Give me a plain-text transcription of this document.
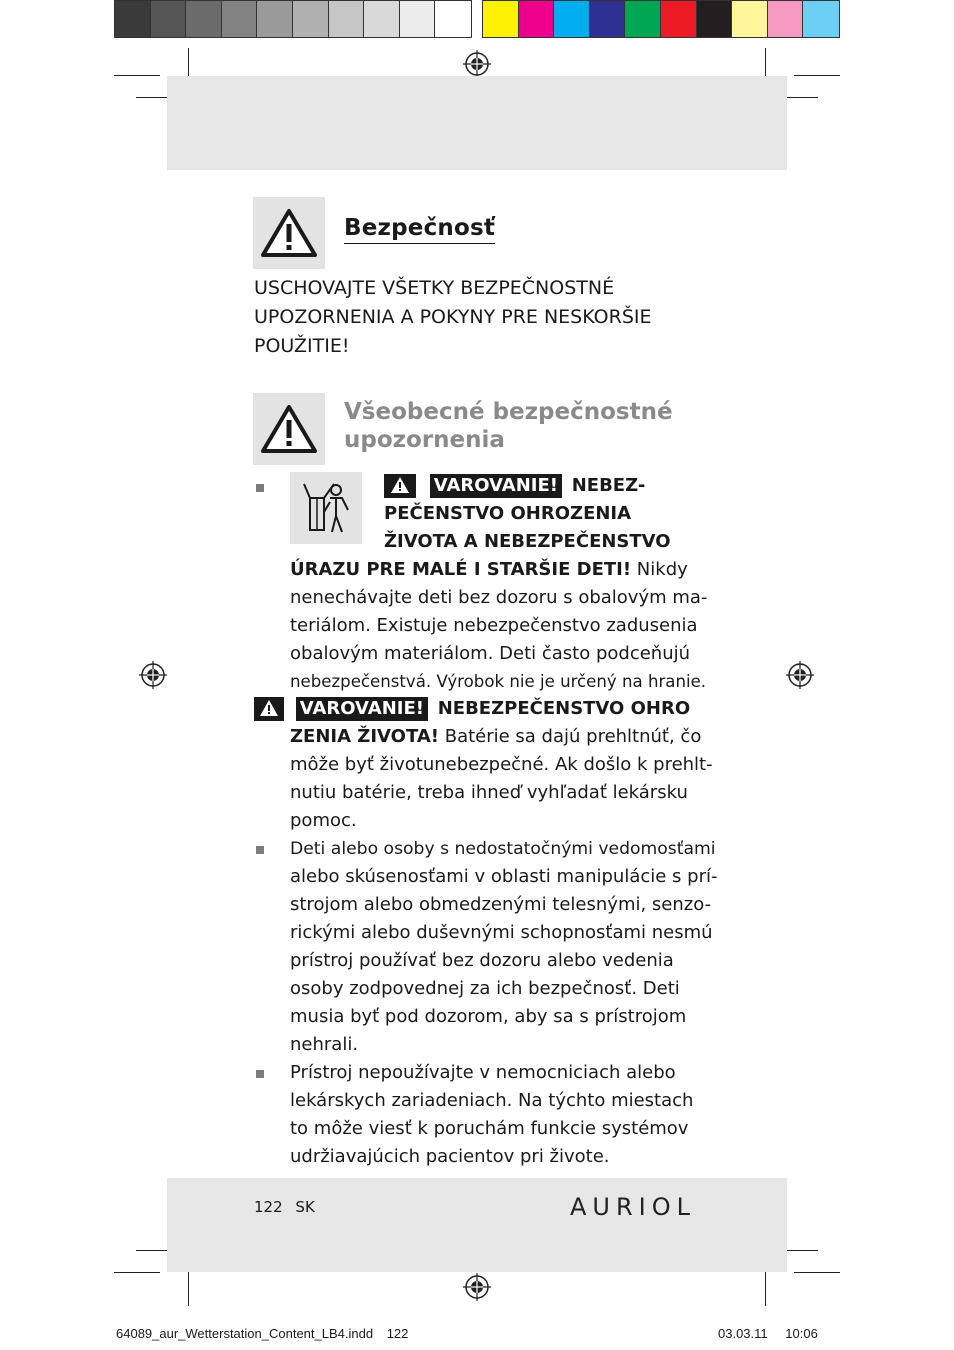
Bezpečnosť
USCHOVAJTE VŠETKY BEZPEČNOSTNÉ
UPOZORNENIA A POKYNY PRE NESKORŠIE
POUŽITIE!
Všeobecné bezpečnostné
upozornenia
VAROVANIE! NEBEZ-
PEČENSTVO OHROZENIA
ŽIVOTA A NEBEZPEČENSTVO
ÚRAZU PRE MALÉ I STARŠIE DETI! Nikdy
nenechávajte deti bez dozoru s obalovým ma-
teriálom. Existuje nebezpečenstvo zadusenia
obalovým materiálom. Deti často podceňujú
nebezpečenstvá. Výrobok nie je určený na hranie.
VAROVANIE! NEBEZPEČENSTVO OHRO
ZENIA ŽIVOTA! Batérie sa dajú prehltnúť, čo
môže byť životunebezpečné. Ak došlo k prehlt-
nutiu batérie, treba ihneď vyhľadať lekársku
pomoc.
Deti alebo osoby s nedostatočnými vedomosťami
alebo skúsenosťami v oblasti manipulácie s prí-
strojom alebo obmedzenými telesnými, senzo-
rickými alebo duševnými schopnosťami nesmú
prístroj používať bez dozoru alebo vedenia
osoby zodpovednej za ich bezpečnosť. Deti
musia byť pod dozorom, aby sa s prístrojom
nehrali.
Prístroj nepoužívajte v nemocniciach alebo
lekárskych zariadeniach. Na týchto miestach
to môže viesť k poruchám funkcie systémov
udržiavajúcich pacientov pri živote.
122 SK	AURIOL
64089_aur_Wetterstation_Content_LB4.indd 122	03.03.11 10:06
